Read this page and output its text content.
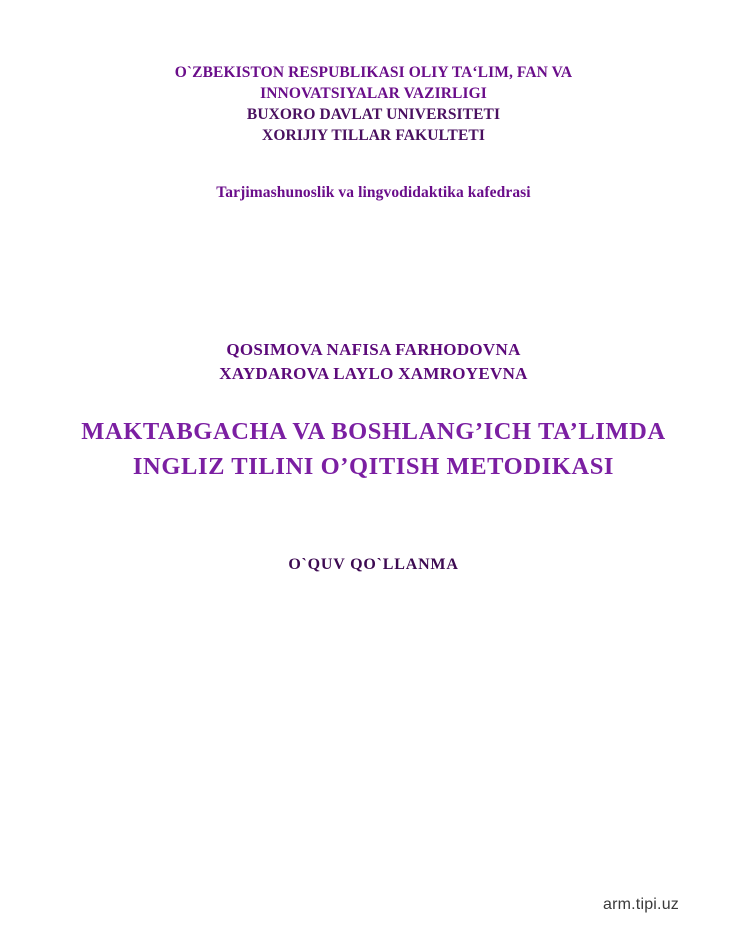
O`ZBEKISTON RESPUBLIKASI OLIY TA‘LIM, FAN VA
INNOVATSIYALAR VAZIRLIGI
BUXORO DAVLAT UNIVERSITETI
XORIJIY TILLAR FAKULTETI
Tarjimashunoslik va lingvodidaktika kafedrasi
QOSIMOVA NAFISA FARHODOVNA
XAYDAROVA LAYLO XAMROYEVNA
MAKTABGACHA VA BOSHLANG’ICH TA’LIMDA INGLIZ TILINI O’QITISH METODIKASI
O`QUV QO`LLANMA
arm.tipi.uz
